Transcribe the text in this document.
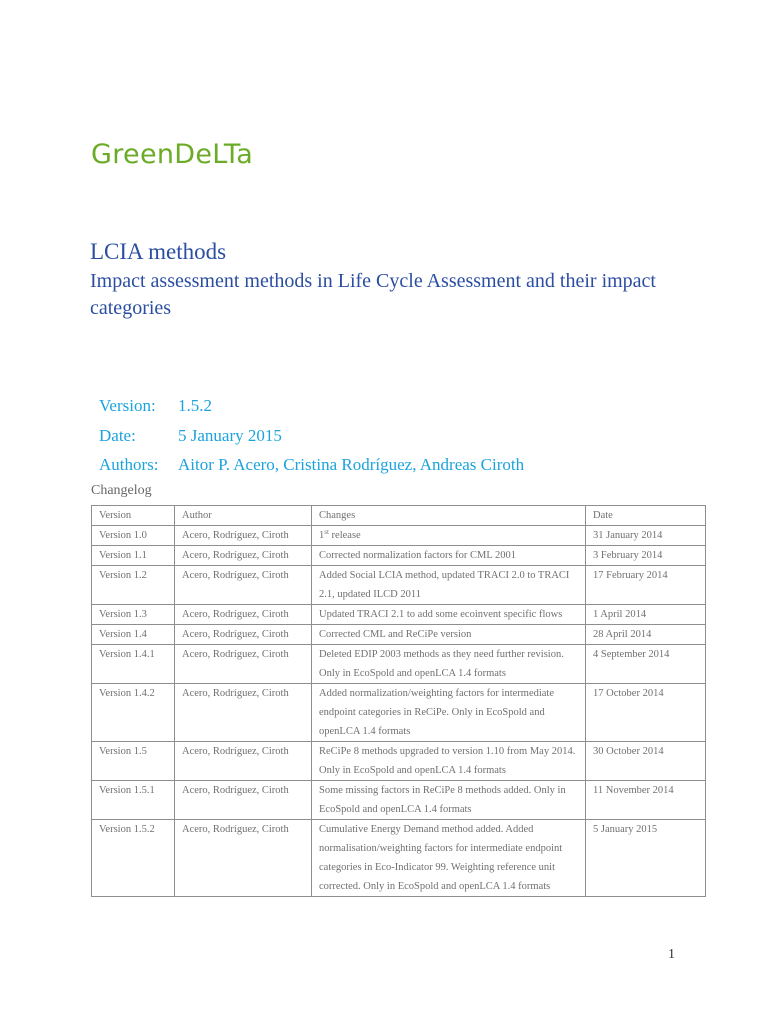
GreenDeLTa
LCIA methods
Impact assessment methods in Life Cycle Assessment and their impact categories
Version: 1.5.2
Date: 5 January 2015
Authors: Aitor P. Acero, Cristina Rodríguez, Andreas Ciroth
Changelog
Version	Author	Changes	Date
Version 1.0	Acero, Rodríguez, Ciroth	1st release	31 January 2014
Version 1.1	Acero, Rodríguez, Ciroth	Corrected normalization factors for CML 2001	3 February 2014
Version 1.2	Acero, Rodríguez, Ciroth	Added Social LCIA method, updated TRACI 2.0 to TRACI 2.1, updated ILCD 2011	17 February 2014
Version 1.3	Acero, Rodríguez, Ciroth	Updated TRACI 2.1 to add some ecoinvent specific flows	1 April 2014
Version 1.4	Acero, Rodríguez, Ciroth	Corrected CML and ReCiPe version	28 April 2014
Version 1.4.1	Acero, Rodríguez, Ciroth	Deleted EDIP 2003 methods as they need further revision. Only in EcoSpold and openLCA 1.4 formats	4 September 2014
Version 1.4.2	Acero, Rodríguez, Ciroth	Added normalization/weighting factors for intermediate endpoint categories in ReCiPe. Only in EcoSpold and openLCA 1.4 formats	17 October 2014
Version 1.5	Acero, Rodríguez, Ciroth	ReCiPe 8 methods upgraded to version 1.10 from May 2014. Only in EcoSpold and openLCA 1.4 formats	30 October 2014
Version 1.5.1	Acero, Rodríguez, Ciroth	Some missing factors in ReCiPe 8 methods added. Only in EcoSpold and openLCA 1.4 formats	11 November 2014
Version 1.5.2	Acero, Rodríguez, Ciroth	Cumulative Energy Demand method added. Added normalisation/weighting factors for intermediate endpoint categories in Eco-Indicator 99. Weighting reference unit corrected. Only in EcoSpold and openLCA 1.4 formats	5 January 2015
1
